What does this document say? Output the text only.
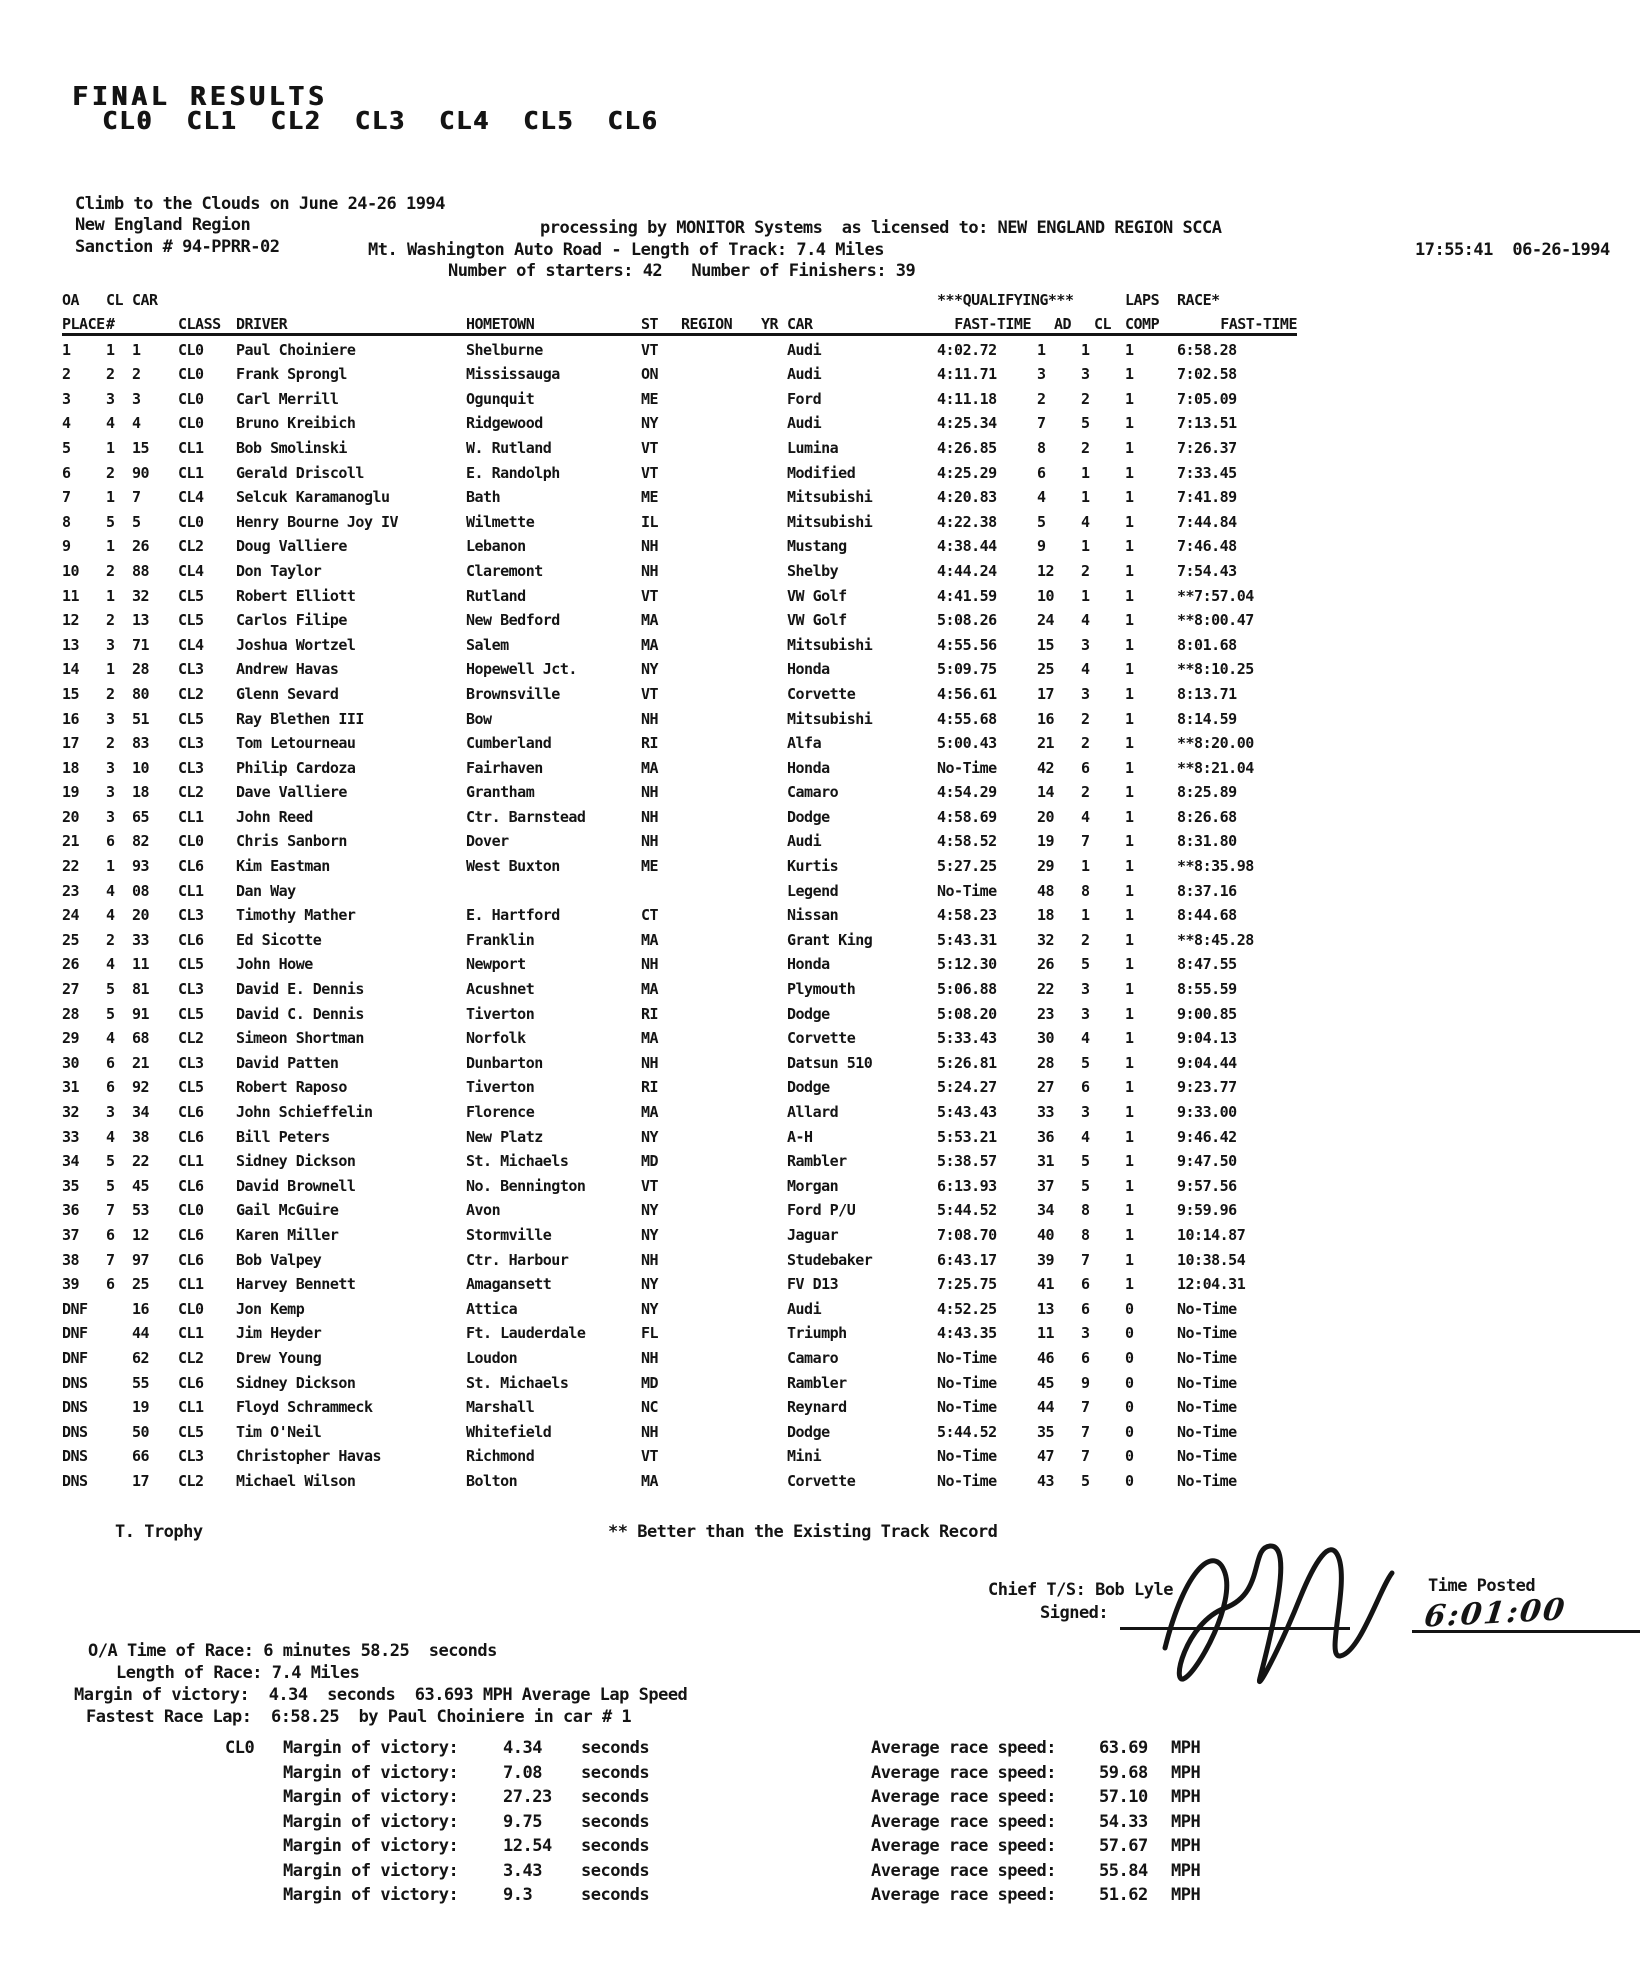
FINAL RESULTS
CL0 CL1 CL2 CL3 CL4 CL5 CL6
Climb to the Clouds on June 24-26 1994
New England Region	processing by MONITOR Systems  as licensed to: NEW ENGLAND REGION SCCA
Sanction # 94-PPRR-02	Mt. Washington Auto Road - Length of Track: 7.4 Miles	17:55:41  06-26-1994
Number of starters: 42   Number of Finishers: 39
OA	CL	CAR								***QUALIFYING***			LAPS	RACE*
PLACE	#		CLASS	DRIVER	HOMETOWN	ST	REGION	YR	CAR	FAST-TIME	AD	CL	COMP	FAST-TIME
1	1	1	CL0	Paul Choiniere	Shelburne	VT			Audi	4:02.72	1	1	1	6:58.28
2	2	2	CL0	Frank Sprongl	Mississauga	ON			Audi	4:11.71	3	3	1	7:02.58
3	3	3	CL0	Carl Merrill	Ogunquit	ME			Ford	4:11.18	2	2	1	7:05.09
4	4	4	CL0	Bruno Kreibich	Ridgewood	NY			Audi	4:25.34	7	5	1	7:13.51
5	1	15	CL1	Bob Smolinski	W. Rutland	VT			Lumina	4:26.85	8	2	1	7:26.37
6	2	90	CL1	Gerald Driscoll	E. Randolph	VT			Modified	4:25.29	6	1	1	7:33.45
7	1	7	CL4	Selcuk Karamanoglu	Bath	ME			Mitsubishi	4:20.83	4	1	1	7:41.89
8	5	5	CL0	Henry Bourne Joy IV	Wilmette	IL			Mitsubishi	4:22.38	5	4	1	7:44.84
9	1	26	CL2	Doug Valliere	Lebanon	NH			Mustang	4:38.44	9	1	1	7:46.48
10	2	88	CL4	Don Taylor	Claremont	NH			Shelby	4:44.24	12	2	1	7:54.43
11	1	32	CL5	Robert Elliott	Rutland	VT			VW Golf	4:41.59	10	1	1	**7:57.04
12	2	13	CL5	Carlos Filipe	New Bedford	MA			VW Golf	5:08.26	24	4	1	**8:00.47
13	3	71	CL4	Joshua Wortzel	Salem	MA			Mitsubishi	4:55.56	15	3	1	8:01.68
14	1	28	CL3	Andrew Havas	Hopewell Jct.	NY			Honda	5:09.75	25	4	1	**8:10.25
15	2	80	CL2	Glenn Sevard	Brownsville	VT			Corvette	4:56.61	17	3	1	8:13.71
16	3	51	CL5	Ray Blethen III	Bow	NH			Mitsubishi	4:55.68	16	2	1	8:14.59
17	2	83	CL3	Tom Letourneau	Cumberland	RI			Alfa	5:00.43	21	2	1	**8:20.00
18	3	10	CL3	Philip Cardoza	Fairhaven	MA			Honda	No-Time	42	6	1	**8:21.04
19	3	18	CL2	Dave Valliere	Grantham	NH			Camaro	4:54.29	14	2	1	8:25.89
20	3	65	CL1	John Reed	Ctr. Barnstead	NH			Dodge	4:58.69	20	4	1	8:26.68
21	6	82	CL0	Chris Sanborn	Dover	NH			Audi	4:58.52	19	7	1	8:31.80
22	1	93	CL6	Kim Eastman	West Buxton	ME			Kurtis	5:27.25	29	1	1	**8:35.98
23	4	08	CL1	Dan Way					Legend	No-Time	48	8	1	8:37.16
24	4	20	CL3	Timothy Mather	E. Hartford	CT			Nissan	4:58.23	18	1	1	8:44.68
25	2	33	CL6	Ed Sicotte	Franklin	MA			Grant King	5:43.31	32	2	1	**8:45.28
26	4	11	CL5	John Howe	Newport	NH			Honda	5:12.30	26	5	1	8:47.55
27	5	81	CL3	David E. Dennis	Acushnet	MA			Plymouth	5:06.88	22	3	1	8:55.59
28	5	91	CL5	David C. Dennis	Tiverton	RI			Dodge	5:08.20	23	3	1	9:00.85
29	4	68	CL2	Simeon Shortman	Norfolk	MA			Corvette	5:33.43	30	4	1	9:04.13
30	6	21	CL3	David Patten	Dunbarton	NH			Datsun 510	5:26.81	28	5	1	9:04.44
31	6	92	CL5	Robert Raposo	Tiverton	RI			Dodge	5:24.27	27	6	1	9:23.77
32	3	34	CL6	John Schieffelin	Florence	MA			Allard	5:43.43	33	3	1	9:33.00
33	4	38	CL6	Bill Peters	New Platz	NY			A-H	5:53.21	36	4	1	9:46.42
34	5	22	CL1	Sidney Dickson	St. Michaels	MD			Rambler	5:38.57	31	5	1	9:47.50
35	5	45	CL6	David Brownell	No. Bennington	VT			Morgan	6:13.93	37	5	1	9:57.56
36	7	53	CL0	Gail McGuire	Avon	NY			Ford P/U	5:44.52	34	8	1	9:59.96
37	6	12	CL6	Karen Miller	Stormville	NY			Jaguar	7:08.70	40	8	1	10:14.87
38	7	97	CL6	Bob Valpey	Ctr. Harbour	NH			Studebaker	6:43.17	39	7	1	10:38.54
39	6	25	CL1	Harvey Bennett	Amagansett	NY			FV D13	7:25.75	41	6	1	12:04.31
DNF		16	CL0	Jon Kemp	Attica	NY			Audi	4:52.25	13	6	0	No-Time
DNF		44	CL1	Jim Heyder	Ft. Lauderdale	FL			Triumph	4:43.35	11	3	0	No-Time
DNF		62	CL2	Drew Young	Loudon	NH			Camaro	No-Time	46	6	0	No-Time
DNS		55	CL6	Sidney Dickson	St. Michaels	MD			Rambler	No-Time	45	9	0	No-Time
DNS		19	CL1	Floyd Schrammeck	Marshall	NC			Reynard	No-Time	44	7	0	No-Time
DNS		50	CL5	Tim O'Neil	Whitefield	NH			Dodge	5:44.52	35	7	0	No-Time
DNS		66	CL3	Christopher Havas	Richmond	VT			Mini	No-Time	47	7	0	No-Time
DNS		17	CL2	Michael Wilson	Bolton	MA			Corvette	No-Time	43	5	0	No-Time
T. Trophy	** Better than the Existing Track Record
Chief T/S: Bob Lyle
Signed:
Time Posted
6:01:00
O/A Time of Race: 6 minutes 58.25  seconds
Length of Race: 7.4 Miles
Margin of victory:  4.34  seconds  63.693 MPH Average Lap Speed
Fastest Race Lap:  6:58.25  by Paul Choiniere in car # 1
CL0 Margin of victory:	4.34 seconds	Average race speed:	63.69 MPH
Margin of victory:	7.08 seconds	Average race speed:	59.68 MPH
Margin of victory:	27.23 seconds	Average race speed:	57.10 MPH
Margin of victory:	9.75 seconds	Average race speed:	54.33 MPH
Margin of victory:	12.54 seconds	Average race speed:	57.67 MPH
Margin of victory:	3.43 seconds	Average race speed:	55.84 MPH
Margin of victory:	9.3	seconds	Average race speed:	51.62 MPH
